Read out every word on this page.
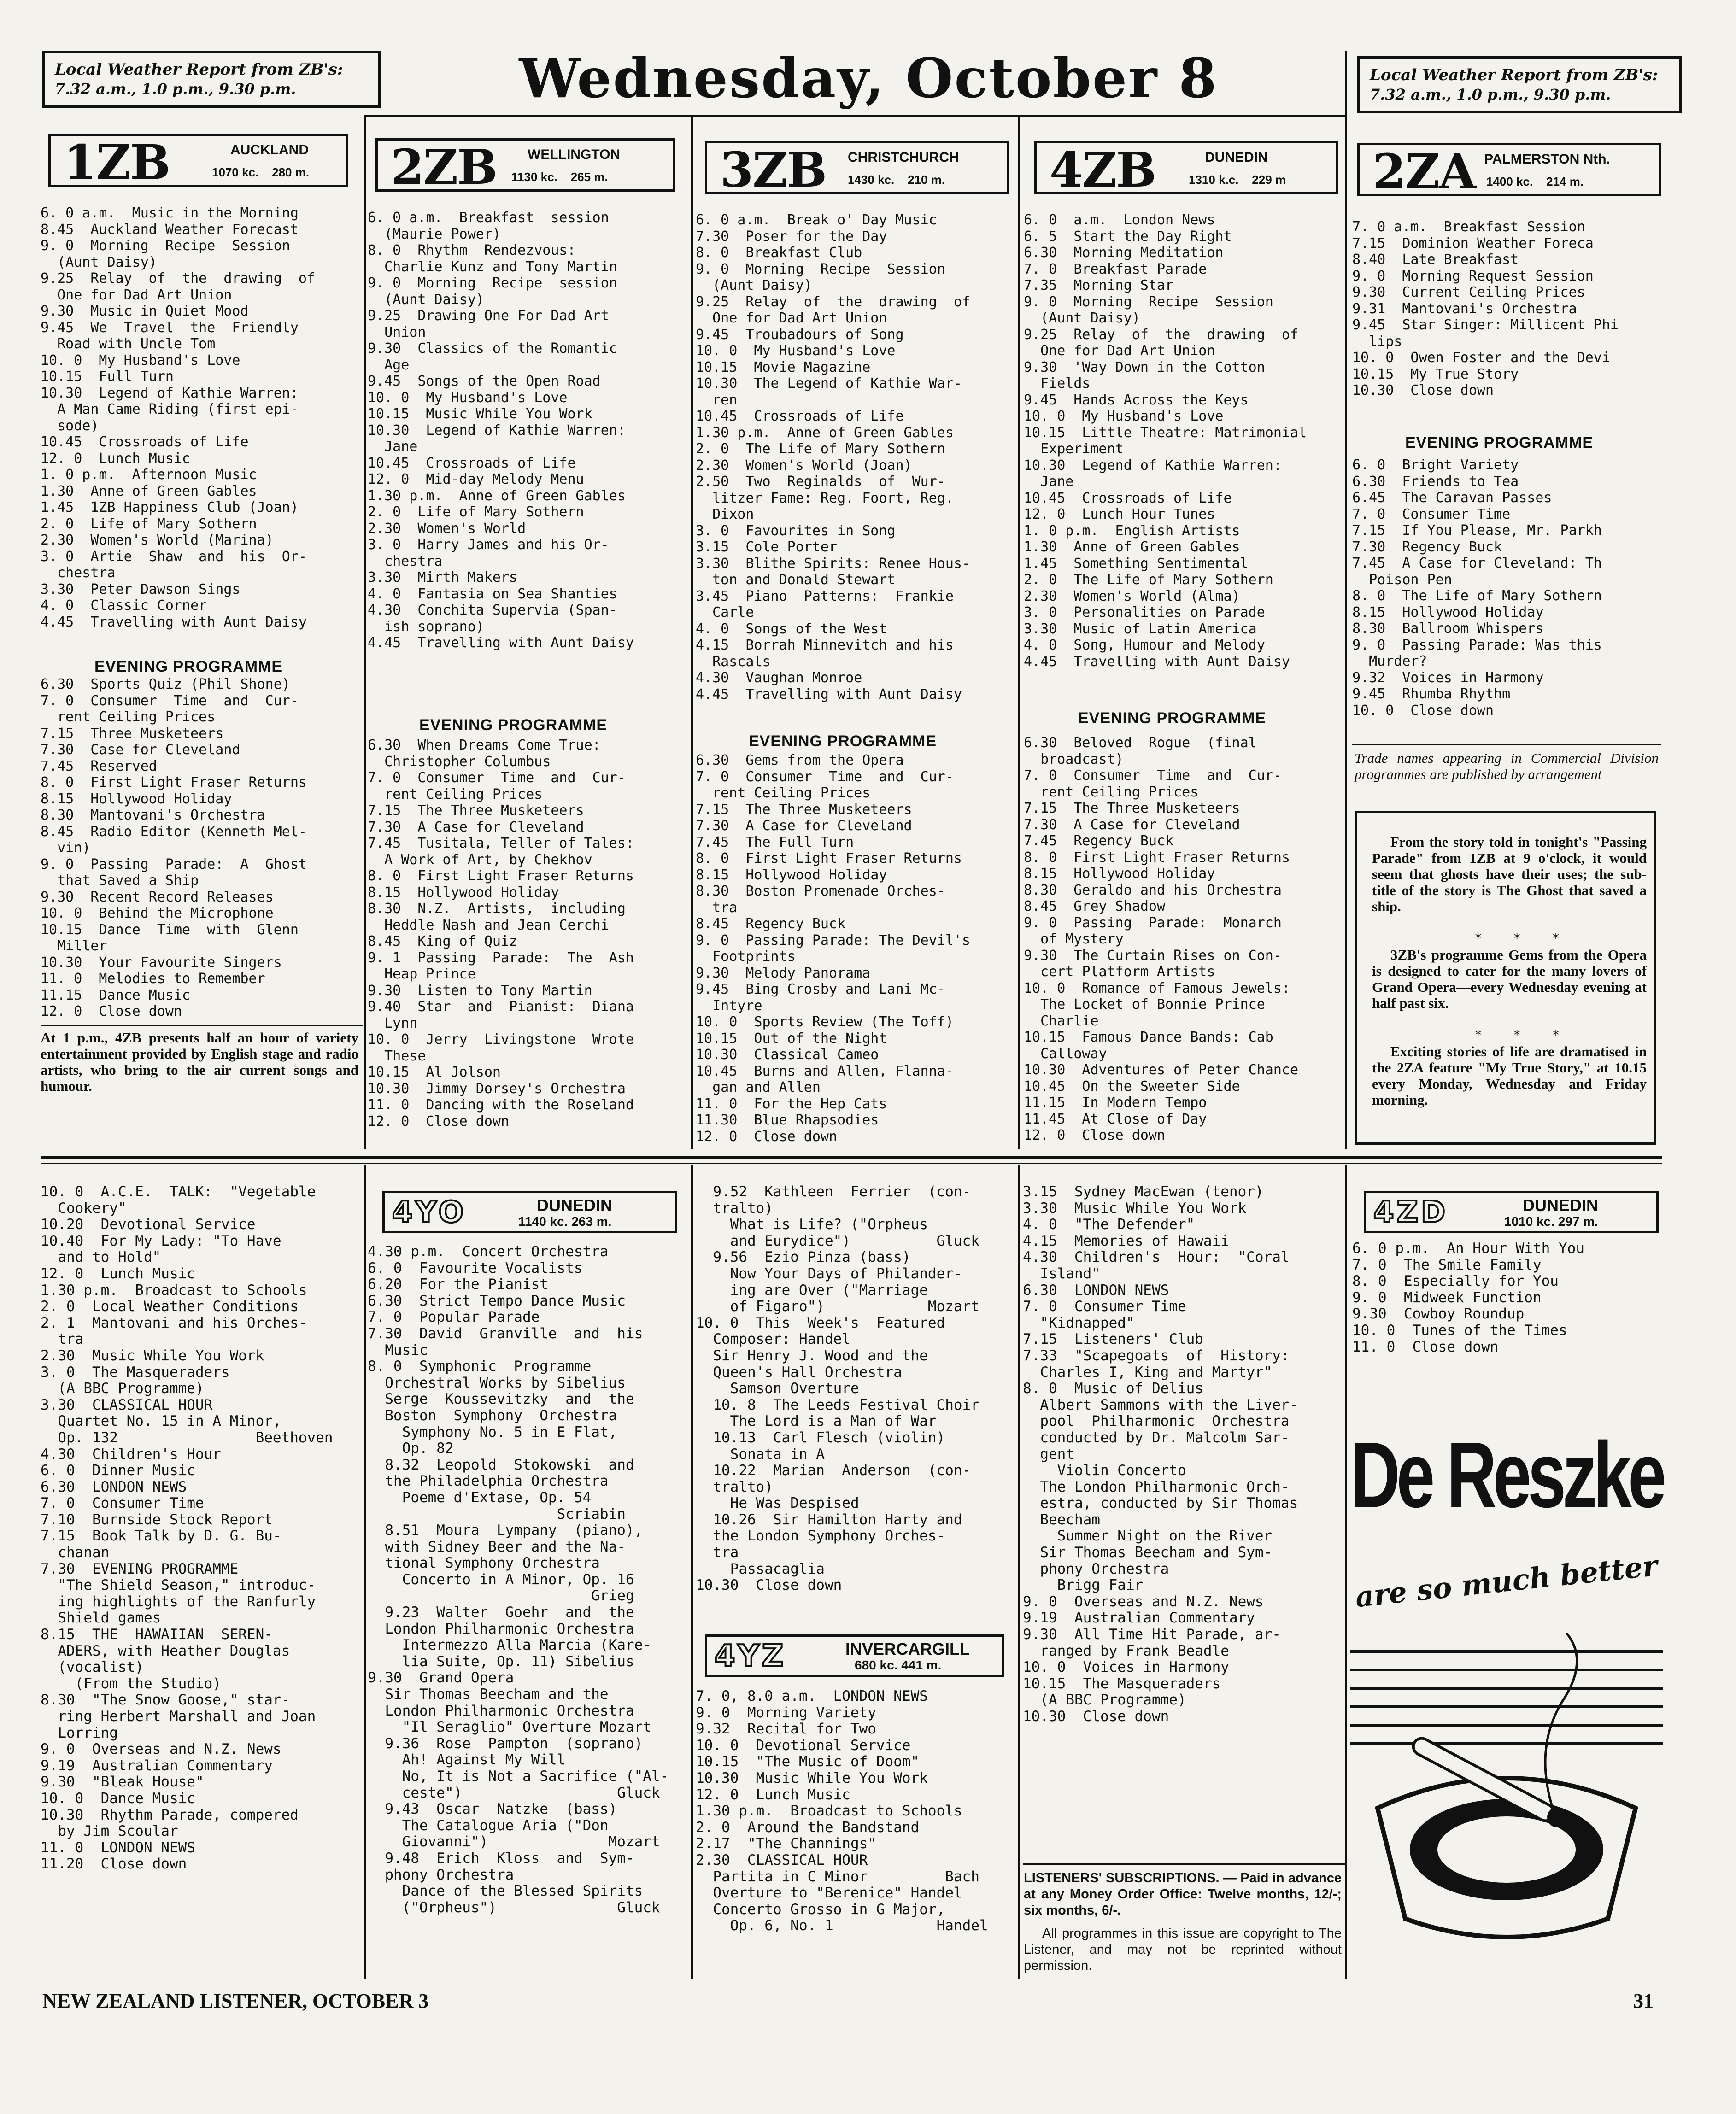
Local Weather Report from ZB's:
7.32 a.m., 1.0 p.m., 9.30 p.m.	Wednesday, October 8	Local Weather Report from ZB's:
7.32 a.m., 1.0 p.m., 9.30 p.m.
1ZB	AUCKLAND
1070 kc. 280 m. 2ZB WELLINGTON
1130 kc. 265 m. 3ZB CHRISTCHURCH
1430 kc. 210 m. 4ZB	DUNEDIN
1310 k.c. 229 m 2ZA PALMERSTON Nth.
1400 kc. 214 m.
6. 0 a.m.  Music in the Morning
8.45  Auckland Weather Forecast
9. 0  Morning  Recipe  Session
(Aunt Daisy)
9.25  Relay  of  the  drawing  of
One for Dad Art Union
9.30  Music in Quiet Mood
9.45  We  Travel  the  Friendly
Road with Uncle Tom
10. 0  My Husband's Love
10.15  Full Turn
10.30  Legend of Kathie Warren:
A Man Came Riding (first epi-
sode)
10.45  Crossroads of Life
12. 0  Lunch Music
1. 0 p.m.  Afternoon Music
1.30  Anne of Green Gables
1.45  1ZB Happiness Club (Joan)
2. 0  Life of Mary Sothern
2.30  Women's World (Marina)
3. 0  Artie  Shaw  and  his  Or-
chestra
3.30  Peter Dawson Sings
4. 0  Classic Corner
4.45  Travelling with Aunt Daisy
EVENING PROGRAMME
6.30  Sports Quiz (Phil Shone)
7. 0  Consumer  Time  and  Cur-
rent Ceiling Prices
7.15  Three Musketeers
7.30  Case for Cleveland
7.45  Reserved
8. 0  First Light Fraser Returns
8.15  Hollywood Holiday
8.30  Mantovani's Orchestra
8.45  Radio Editor (Kenneth Mel-
vin)
9. 0  Passing  Parade:  A  Ghost
that Saved a Ship
9.30  Recent Record Releases
10. 0  Behind the Microphone
10.15  Dance  Time  with  Glenn
Miller
10.30  Your Favourite Singers
11. 0  Melodies to Remember
11.15  Dance Music
12. 0  Close down
At 1 p.m., 4ZB presents half an hour of variety entertainment provided by English stage and radio artists, who bring to the air current songs and humour.
6. 0 a.m.  Breakfast  session
(Maurie Power)
8. 0  Rhythm  Rendezvous:
Charlie Kunz and Tony Martin
9. 0  Morning  Recipe  session
(Aunt Daisy)
9.25  Drawing One For Dad Art
Union
9.30  Classics of the Romantic
Age
9.45  Songs of the Open Road
10. 0  My Husband's Love
10.15  Music While You Work
10.30  Legend of Kathie Warren:
Jane
10.45  Crossroads of Life
12. 0  Mid-day Melody Menu
1.30 p.m.  Anne of Green Gables
2. 0  Life of Mary Sothern
2.30  Women's World
3. 0  Harry James and his Or-
chestra
3.30  Mirth Makers
4. 0  Fantasia on Sea Shanties
4.30  Conchita Supervia (Span-
ish soprano)
4.45  Travelling with Aunt Daisy
EVENING PROGRAMME
6.30  When Dreams Come True:
Christopher Columbus
7. 0  Consumer  Time  and  Cur-
rent Ceiling Prices
7.15  The Three Musketeers
7.30  A Case for Cleveland
7.45  Tusitala, Teller of Tales:
A Work of Art, by Chekhov
8. 0  First Light Fraser Returns
8.15  Hollywood Holiday
8.30  N.Z.  Artists,  including
Heddle Nash and Jean Cerchi
8.45  King of Quiz
9. 1  Passing  Parade:  The  Ash
Heap Prince
9.30  Listen to Tony Martin
9.40  Star  and  Pianist:  Diana
Lynn
10. 0  Jerry  Livingstone  Wrote
These
10.15  Al Jolson
10.30  Jimmy Dorsey's Orchestra
11. 0  Dancing with the Roseland
12. 0  Close down
6. 0 a.m.  Break o' Day Music
7.30  Poser for the Day
8. 0  Breakfast Club
9. 0  Morning  Recipe  Session
(Aunt Daisy)
9.25  Relay  of  the  drawing  of
One for Dad Art Union
9.45  Troubadours of Song
10. 0  My Husband's Love
10.15  Movie Magazine
10.30  The Legend of Kathie War-
ren
10.45  Crossroads of Life
1.30 p.m.  Anne of Green Gables
2. 0  The Life of Mary Sothern
2.30  Women's World (Joan)
2.50  Two  Reginalds  of  Wur-
litzer Fame: Reg. Foort, Reg.
Dixon
3. 0  Favourites in Song
3.15  Cole Porter
3.30  Blithe Spirits: Renee Hous-
ton and Donald Stewart
3.45  Piano  Patterns:  Frankie
Carle
4. 0  Songs of the West
4.15  Borrah Minnevitch and his
Rascals
4.30  Vaughan Monroe
4.45  Travelling with Aunt Daisy
EVENING PROGRAMME
6.30  Gems from the Opera
7. 0  Consumer  Time  and  Cur-
rent Ceiling Prices
7.15  The Three Musketeers
7.30  A Case for Cleveland
7.45  The Full Turn
8. 0  First Light Fraser Returns
8.15  Hollywood Holiday
8.30  Boston Promenade Orches-
tra
8.45  Regency Buck
9. 0  Passing Parade: The Devil's
Footprints
9.30  Melody Panorama
9.45  Bing Crosby and Lani Mc-
Intyre
10. 0  Sports Review (The Toff)
10.15  Out of the Night
10.30  Classical Cameo
10.45  Burns and Allen, Flanna-
gan and Allen
11. 0  For the Hep Cats
11.30  Blue Rhapsodies
12. 0  Close down
6. 0  a.m.  London News
6. 5  Start the Day Right
6.30  Morning Meditation
7. 0  Breakfast Parade
7.35  Morning Star
9. 0  Morning  Recipe  Session
(Aunt Daisy)
9.25  Relay  of  the  drawing  of
One for Dad Art Union
9.30  'Way Down in the Cotton
Fields
9.45  Hands Across the Keys
10. 0  My Husband's Love
10.15  Little Theatre: Matrimonial
Experiment
10.30  Legend of Kathie Warren:
Jane
10.45  Crossroads of Life
12. 0  Lunch Hour Tunes
1. 0 p.m.  English Artists
1.30  Anne of Green Gables
1.45  Something Sentimental
2. 0  The Life of Mary Sothern
2.30  Women's World (Alma)
3. 0  Personalities on Parade
3.30  Music of Latin America
4. 0  Song, Humour and Melody
4.45  Travelling with Aunt Daisy
EVENING PROGRAMME
6.30  Beloved  Rogue  (final
broadcast)
7. 0  Consumer  Time  and  Cur-
rent Ceiling Prices
7.15  The Three Musketeers
7.30  A Case for Cleveland
7.45  Regency Buck
8. 0  First Light Fraser Returns
8.15  Hollywood Holiday
8.30  Geraldo and his Orchestra
8.45  Grey Shadow
9. 0  Passing  Parade:  Monarch
of Mystery
9.30  The Curtain Rises on Con-
cert Platform Artists
10. 0  Romance of Famous Jewels:
The Locket of Bonnie Prince
Charlie
10.15  Famous Dance Bands: Cab
Calloway
10.30  Adventures of Peter Chance
10.45  On the Sweeter Side
11.15  In Modern Tempo
11.45  At Close of Day
12. 0  Close down
7. 0 a.m.  Breakfast Session
7.15  Dominion Weather Foreca
8.40  Late Breakfast
9. 0  Morning Request Session
9.30  Current Ceiling Prices
9.31  Mantovani's Orchestra
9.45  Star Singer: Millicent Phi
lips
10. 0  Owen Foster and the Devi
10.15  My True Story
10.30  Close down
EVENING PROGRAMME
6. 0  Bright Variety
6.30  Friends to Tea
6.45  The Caravan Passes
7. 0  Consumer Time
7.15  If You Please, Mr. Parkh
7.30  Regency Buck
7.45  A Case for Cleveland: Th
Poison Pen
8. 0  The Life of Mary Sothern
8.15  Hollywood Holiday
8.30  Ballroom Whispers
9. 0  Passing Parade: Was this
Murder?
9.32  Voices in Harmony
9.45  Rhumba Rhythm
10. 0  Close down
Trade names appearing in Commercial Division programmes are published by arrangement
From the story told in tonight's "Passing Parade" from 1ZB at 9 o'clock, it would seem that ghosts have their uses; the sub-title of the story is The Ghost that saved a ship.
*    *    *
3ZB's programme Gems from the Opera is designed to cater for the many lovers of Grand Opera—every Wednesday evening at half past six.
*    *    *
Exciting stories of life are dramatised in the 2ZA feature "My True Story," at 10.15 every Monday, Wednesday and Friday morning.
10. 0  A.C.E.  TALK:  "Vegetable
Cookery"
10.20  Devotional Service
10.40  For My Lady: "To Have
and to Hold"
12. 0  Lunch Music
1.30 p.m.  Broadcast to Schools
2. 0  Local Weather Conditions
2. 1  Mantovani and his Orches-
tra
2.30  Music While You Work
3. 0  The Masqueraders
(A BBC Programme)
3.30  CLASSICAL HOUR
Quartet No. 15 in A Minor,
Op. 132                Beethoven
4.30  Children's Hour
6. 0  Dinner Music
6.30  LONDON NEWS
7. 0  Consumer Time
7.10  Burnside Stock Report
7.15  Book Talk by D. G. Bu-
chanan
7.30  EVENING PROGRAMME
"The Shield Season," introduc-
ing highlights of the Ranfurly
Shield games
8.15  THE  HAWAIIAN  SEREN-
ADERS, with Heather Douglas
(vocalist)
(From the Studio)
8.30  "The Snow Goose," star-
ring Herbert Marshall and Joan
Lorring
9. 0  Overseas and N.Z. News
9.19  Australian Commentary
9.30  "Bleak House"
10. 0  Dance Music
10.30  Rhythm Parade, compered
by Jim Scoular
11. 0  LONDON NEWS
11.20  Close down
4YO	DUNEDIN
1140 kc. 263 m.
4.30 p.m.  Concert Orchestra
6. 0  Favourite Vocalists
6.20  For the Pianist
6.30  Strict Tempo Dance Music
7. 0  Popular Parade
7.30  David  Granville  and  his
Music
8. 0  Symphonic  Programme
Orchestral Works by Sibelius
Serge  Koussevitzky  and  the
Boston  Symphony  Orchestra
Symphony No. 5 in E Flat,
Op. 82
8.32  Leopold  Stokowski  and
the Philadelphia Orchestra
Poeme d'Extase, Op. 54
Scriabin
8.51  Moura  Lympany  (piano),
with Sidney Beer and the Na-
tional Symphony Orchestra
Concerto in A Minor, Op. 16
Grieg
9.23  Walter  Goehr  and  the
London Philharmonic Orchestra
Intermezzo Alla Marcia (Kare-
lia Suite, Op. 11) Sibelius
9.30  Grand Opera
Sir Thomas Beecham and the
London Philharmonic Orchestra
"Il Seraglio" Overture Mozart
9.36  Rose  Pampton  (soprano)
Ah! Against My Will
No, It is Not a Sacrifice ("Al-
ceste")                  Gluck
9.43  Oscar  Natzke  (bass)
The Catalogue Aria ("Don
Giovanni")              Mozart
9.48  Erich  Kloss  and  Sym-
phony Orchestra
Dance of the Blessed Spirits
("Orpheus")              Gluck
9.52  Kathleen  Ferrier  (con-
tralto)
What is Life? ("Orpheus
and Eurydice")          Gluck
9.56  Ezio Pinza (bass)
Now Your Days of Philander-
ing are Over ("Marriage
of Figaro")            Mozart
10. 0  This  Week's  Featured
Composer: Handel
Sir Henry J. Wood and the
Queen's Hall Orchestra
Samson Overture
10. 8  The Leeds Festival Choir
The Lord is a Man of War
10.13  Carl Flesch (violin)
Sonata in A
10.22  Marian  Anderson  (con-
tralto)
He Was Despised
10.26  Sir Hamilton Harty and
the London Symphony Orches-
tra
Passacaglia
10.30  Close down
4YZ	INVERCARGILL
680 kc. 441 m.
7. 0, 8.0 a.m.  LONDON NEWS
9. 0  Morning Variety
9.32  Recital for Two
10. 0  Devotional Service
10.15  "The Music of Doom"
10.30  Music While You Work
12. 0  Lunch Music
1.30 p.m.  Broadcast to Schools
2. 0  Around the Bandstand
2.17  "The Channings"
2.30  CLASSICAL HOUR
Partita in C Minor         Bach
Overture to "Berenice" Handel
Concerto Grosso in G Major,
Op. 6, No. 1            Handel
3.15  Sydney MacEwan (tenor)
3.30  Music While You Work
4. 0  "The Defender"
4.15  Memories of Hawaii
4.30  Children's  Hour:  "Coral
Island"
6.30  LONDON NEWS
7. 0  Consumer Time
"Kidnapped"
7.15  Listeners' Club
7.33  "Scapegoats  of  History:
Charles I, King and Martyr"
8. 0  Music of Delius
Albert Sammons with the Liver-
pool  Philharmonic  Orchestra
conducted by Dr. Malcolm Sar-
gent
Violin Concerto
The London Philharmonic Orch-
estra, conducted by Sir Thomas
Beecham
Summer Night on the River
Sir Thomas Beecham and Sym-
phony Orchestra
Brigg Fair
9. 0  Overseas and N.Z. News
9.19  Australian Commentary
9.30  All Time Hit Parade, ar-
ranged by Frank Beadle
10. 0  Voices in Harmony
10.15  The Masqueraders
(A BBC Programme)
10.30  Close down
LISTENERS' SUBSCRIPTIONS. — Paid in advance at any Money Order Office: Twelve months, 12/-; six months, 6/-.
All programmes in this issue are copyright to The Listener, and may not be reprinted without permission.
4ZD	DUNEDIN
1010 kc. 297 m.
6. 0 p.m.  An Hour With You
7. 0  The Smile Family
8. 0  Especially for You
9. 0  Midweek Function
9.30  Cowboy Roundup
10. 0  Tunes of the Times
11. 0  Close down
De Reszke
are so much better
NEW ZEALAND LISTENER, OCTOBER 3	31
